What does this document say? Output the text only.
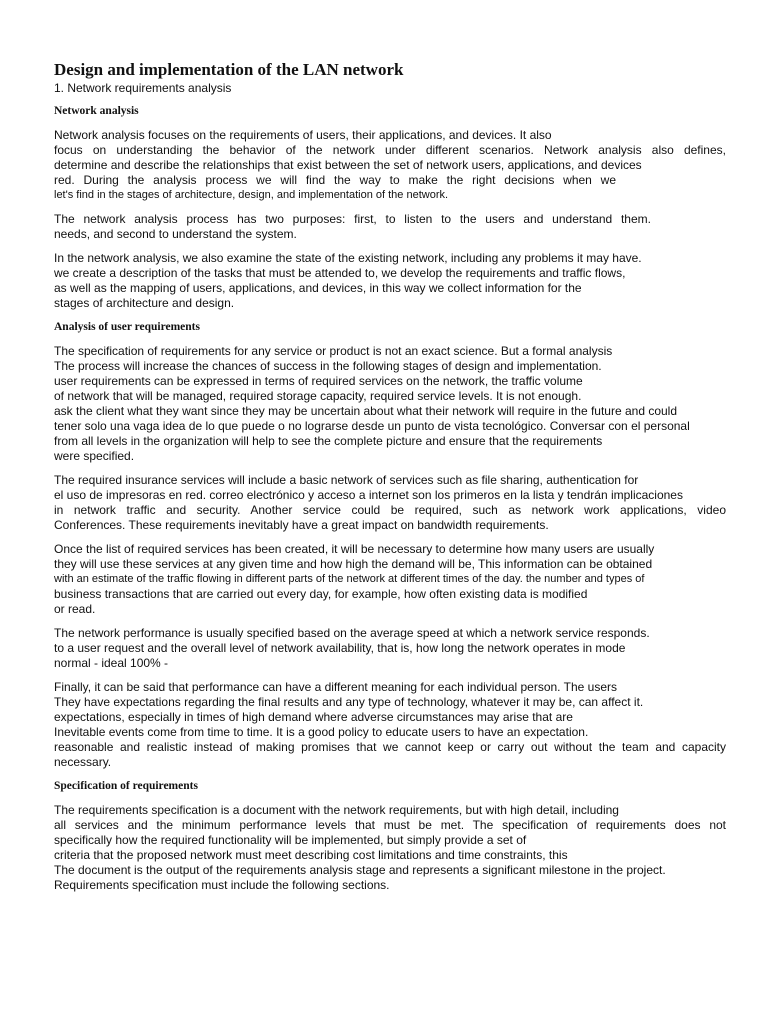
Design and implementation of the LAN network
1. Network requirements analysis
Network analysis
Network analysis focuses on the requirements of users, their applications, and devices. It also
focus on understanding the behavior of the network under different scenarios. Network analysis also defines,
determine and describe the relationships that exist between the set of network users, applications, and devices
red. During the analysis process we will find the way to make the right decisions when we
let's find in the stages of architecture, design, and implementation of the network.
The network analysis process has two purposes: first, to listen to the users and understand them.
needs, and second to understand the system.
In the network analysis, we also examine the state of the existing network, including any problems it may have.
we create a description of the tasks that must be attended to, we develop the requirements and traffic flows,
as well as the mapping of users, applications, and devices, in this way we collect information for the
stages of architecture and design.
Analysis of user requirements
The specification of requirements for any service or product is not an exact science. But a formal analysis
The process will increase the chances of success in the following stages of design and implementation.
user requirements can be expressed in terms of required services on the network, the traffic volume
of network that will be managed, required storage capacity, required service levels. It is not enough.
ask the client what they want since they may be uncertain about what their network will require in the future and could
tener solo una vaga idea de lo que puede o no lograrse desde un punto de vista tecnológico. Conversar con el personal
from all levels in the organization will help to see the complete picture and ensure that the requirements
were specified.
The required insurance services will include a basic network of services such as file sharing, authentication for
el uso de impresoras en red. correo electrónico y acceso a internet son los primeros en la lista y tendrán implicaciones
in network traffic and security. Another service could be required, such as network work applications, video
Conferences. These requirements inevitably have a great impact on bandwidth requirements.
Once the list of required services has been created, it will be necessary to determine how many users are usually
they will use these services at any given time and how high the demand will be, This information can be obtained
with an estimate of the traffic flowing in different parts of the network at different times of the day. the number and types of
business transactions that are carried out every day, for example, how often existing data is modified
or read.
The network performance is usually specified based on the average speed at which a network service responds.
to a user request and the overall level of network availability, that is, how long the network operates in mode
normal - ideal 100% -
Finally, it can be said that performance can have a different meaning for each individual person. The users
They have expectations regarding the final results and any type of technology, whatever it may be, can affect it.
expectations, especially in times of high demand where adverse circumstances may arise that are
Inevitable events come from time to time. It is a good policy to educate users to have an expectation.
reasonable and realistic instead of making promises that we cannot keep or carry out without the team and capacity
necessary.
Specification of requirements
The requirements specification is a document with the network requirements, but with high detail, including
all services and the minimum performance levels that must be met. The specification of requirements does not
specifically how the required functionality will be implemented, but simply provide a set of
criteria that the proposed network must meet describing cost limitations and time constraints, this
The document is the output of the requirements analysis stage and represents a significant milestone in the project.
Requirements specification must include the following sections.
